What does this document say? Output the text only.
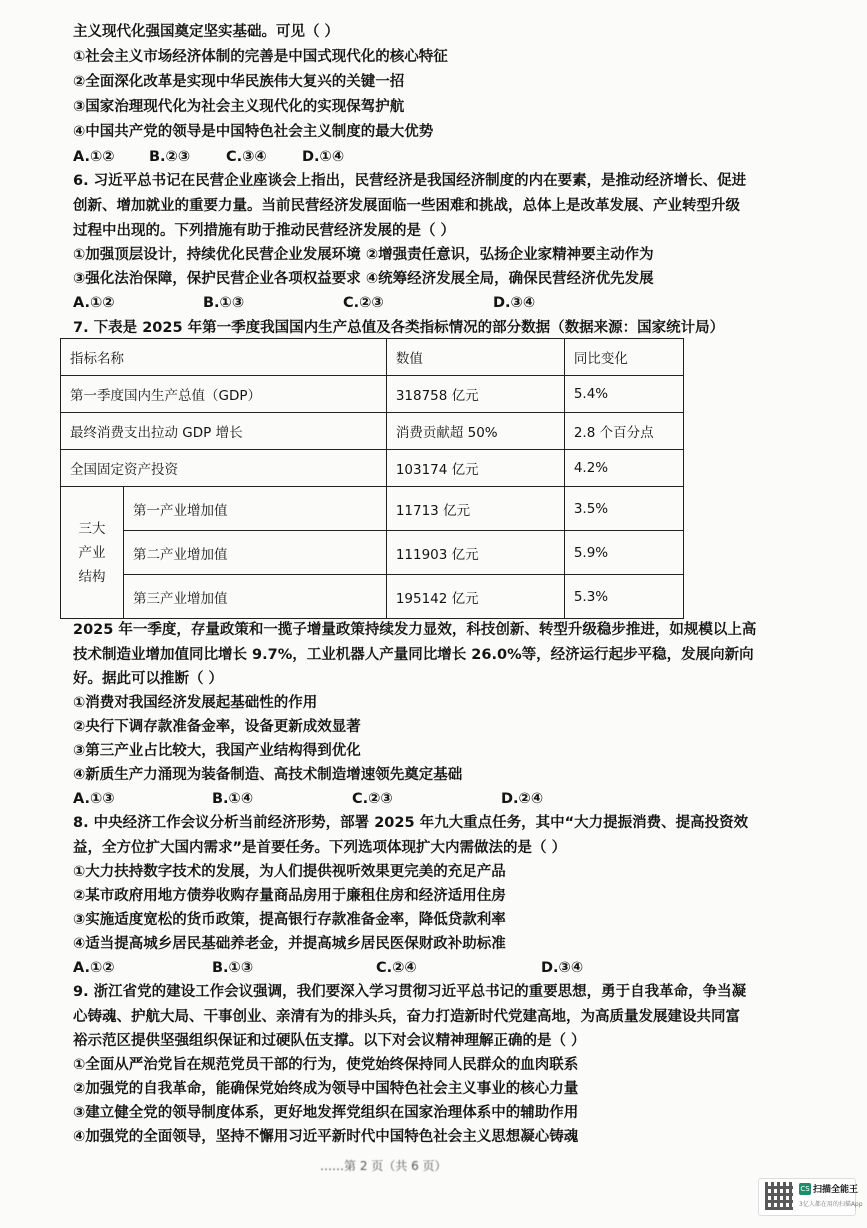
主义现代化强国奠定坚实基础。可见（ ）
①社会主义市场经济体制的完善是中国式现代化的核心特征
②全面深化改革是实现中华民族伟大复兴的关键一招
③国家治理现代化为社会主义现代化的实现保驾护航
④中国共产党的领导是中国特色社会主义制度的最大优势
A.①② B.②③ C.③④ D.①④
6. 习近平总书记在民营企业座谈会上指出，民营经济是我国经济制度的内在要素，是推动经济增长、促进
创新、增加就业的重要力量。当前民营经济发展面临一些困难和挑战，总体上是改革发展、产业转型升级
过程中出现的。下列措施有助于推动民营经济发展的是（ ）
①加强顶层设计，持续优化民营企业发展环境 ②增强责任意识，弘扬企业家精神要主动作为
③强化法治保障，保护民营企业各项权益要求 ④统筹经济发展全局，确保民营经济优先发展
A.①②	B.①③	C.②③	D.③④
7. 下表是 2025 年第一季度我国国内生产总值及各类指标情况的部分数据（数据来源：国家统计局）
指标名称		数值	同比变化
第一季度国内生产总值（GDP）		318758 亿元	5.4%
最终消费支出拉动 GDP 增长		消费贡献超 50%	2.8 个百分点
全国固定资产投资		103174 亿元	4.2%
三大
产业
结构	第一产业增加值	11713 亿元	3.5%
	第二产业增加值	111903 亿元	5.9%
	第三产业增加值	195142 亿元	5.3%
2025 年一季度，存量政策和一揽子增量政策持续发力显效，科技创新、转型升级稳步推进，如规模以上高
技术制造业增加值同比增长 9.7%，工业机器人产量同比增长 26.0%等，经济运行起步平稳，发展向新向
好。据此可以推断（ ）
①消费对我国经济发展起基础性的作用
②央行下调存款准备金率，设备更新成效显著
③第三产业占比较大，我国产业结构得到优化
④新质生产力涌现为装备制造、高技术制造增速领先奠定基础
A.①③	B.①④	C.②③	D.②④
8. 中央经济工作会议分析当前经济形势，部署 2025 年九大重点任务，其中“大力提振消费、提高投资效
益，全方位扩大国内需求”是首要任务。下列选项体现扩大内需做法的是（ ）
①大力扶持数字技术的发展，为人们提供视听效果更完美的充足产品
②某市政府用地方债券收购存量商品房用于廉租住房和经济适用住房
③实施适度宽松的货币政策，提高银行存款准备金率，降低贷款利率
④适当提高城乡居民基础养老金，并提高城乡居民医保财政补助标准
A.①②	B.①③	C.②④	D.③④
9. 浙江省党的建设工作会议强调，我们要深入学习贯彻习近平总书记的重要思想，勇于自我革命，争当凝
心铸魂、护航大局、干事创业、亲清有为的排头兵，奋力打造新时代党建高地，为高质量发展建设共同富
裕示范区提供坚强组织保证和过硬队伍支撑。以下对会议精神理解正确的是（ ）
①全面从严治党旨在规范党员干部的行为，使党始终保持同人民群众的血肉联系
②加强党的自我革命，能确保党始终成为领导中国特色社会主义事业的核心力量
③建立健全党的领导制度体系，更好地发挥党组织在国家治理体系中的辅助作用
④加强党的全面领导，坚持不懈用习近平新时代中国特色社会主义思想凝心铸魂
……第 2 页（共 6 页）
CS 扫描全能王
3亿人都在用的扫描App
